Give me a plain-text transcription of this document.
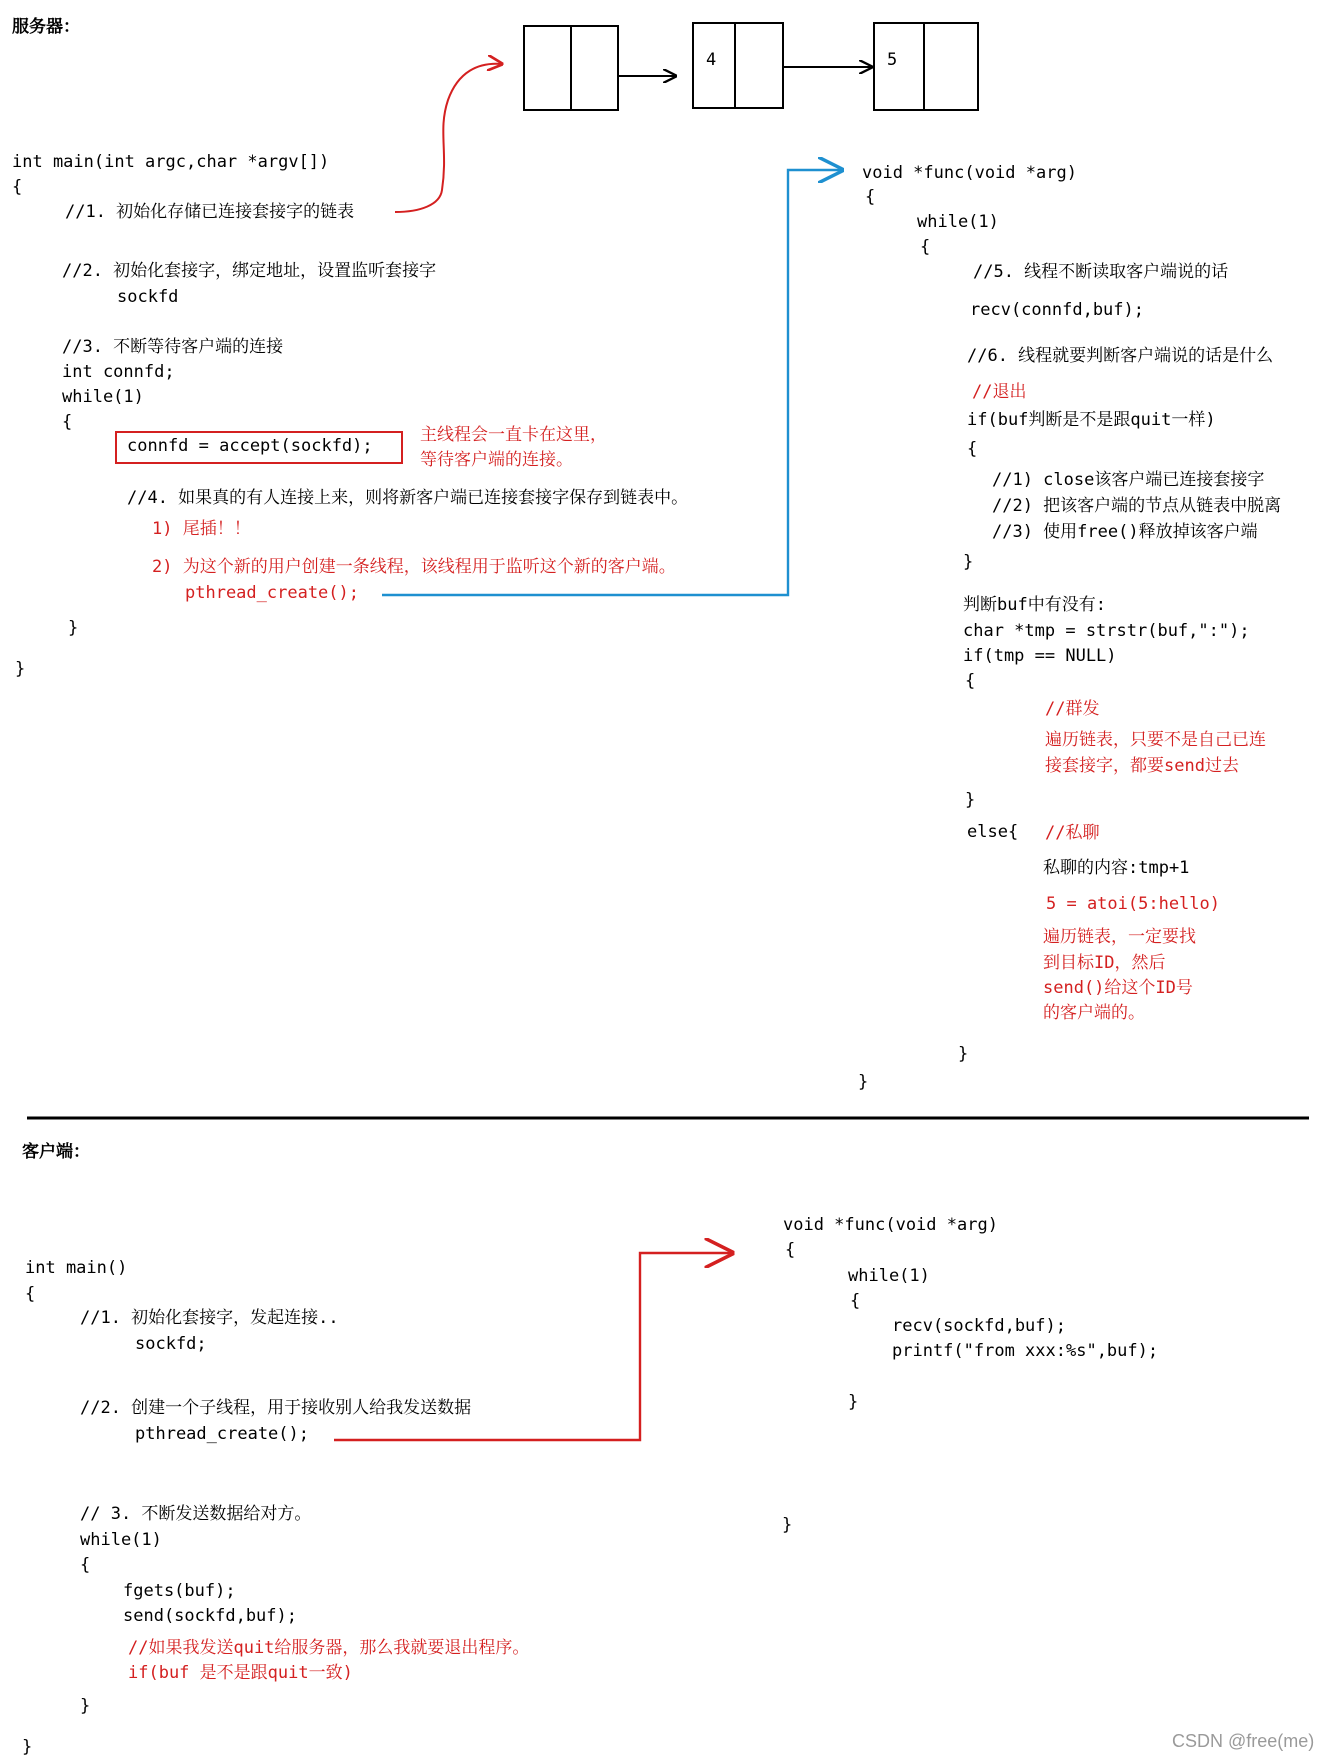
服务器：
4	5
int main(int argc,char *argv[])
{
//1. 初始化存储已连接套接字的链表
//2. 初始化套接字，绑定地址，设置监听套接字
sockfd
//3. 不断等待客户端的连接
int connfd;
while(1)
{
connfd = accept(sockfd);
主线程会一直卡在这里，
等待客户端的连接。
//4. 如果真的有人连接上来，则将新客户端已连接套接字保存到链表中。
1) 尾插！！
2) 为这个新的用户创建一条线程，该线程用于监听这个新的客户端。
pthread_create();
}
}
void *func(void *arg)
{
while(1)
{
//5. 线程不断读取客户端说的话
recv(connfd,buf);
//6. 线程就要判断客户端说的话是什么
//退出
if(buf判断是不是跟quit一样)
{
//1) close该客户端已连接套接字
//2) 把该客户端的节点从链表中脱离
//3) 使用free()释放掉该客户端
}
判断buf中有没有:
char *tmp = strstr(buf,":");
if(tmp == NULL)
{
//群发
遍历链表，只要不是自己已连
接套接字，都要send过去
}
else{ //私聊
私聊的内容:tmp+1
5 = atoi(5:hello)
遍历链表，一定要找
到目标ID，然后
send()给这个ID号
的客户端的。
}
}
客户端：
int main()
{
//1. 初始化套接字，发起连接..
sockfd;
//2. 创建一个子线程，用于接收别人给我发送数据
pthread_create();
// 3. 不断发送数据给对方。
while(1)
{
fgets(buf);
send(sockfd,buf);
//如果我发送quit给服务器，那么我就要退出程序。
if(buf 是不是跟quit一致)
}
}
void *func(void *arg)
{
while(1)
{
recv(sockfd,buf);
printf("from xxx:%s",buf);
}
}
CSDN @free(me)
